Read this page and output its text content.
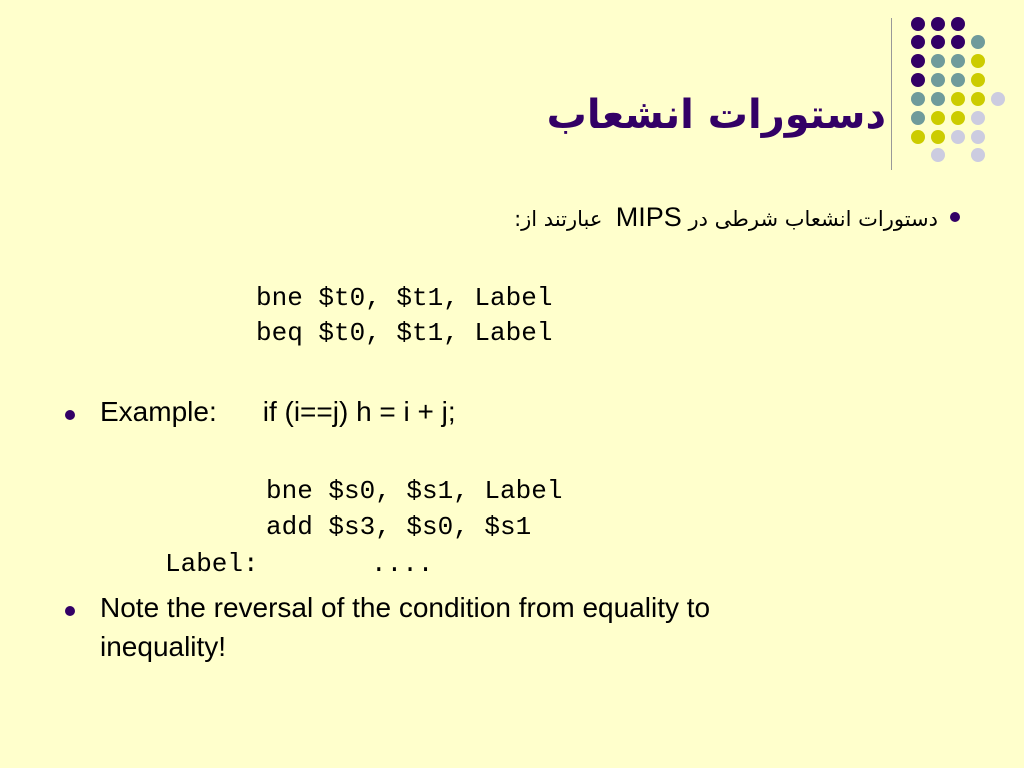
دستورات انشعاب
دستورات انشعاب شرطی در MIPS  عبارتند از:
bne $t0, $t1, Label
beq $t0, $t1, Label
Example: if (i==j) h = i + j;
bne $s0, $s1, Label
add $s3, $s0, $s1
Label:	....
Note the reversal of the condition from equality to
inequality!
